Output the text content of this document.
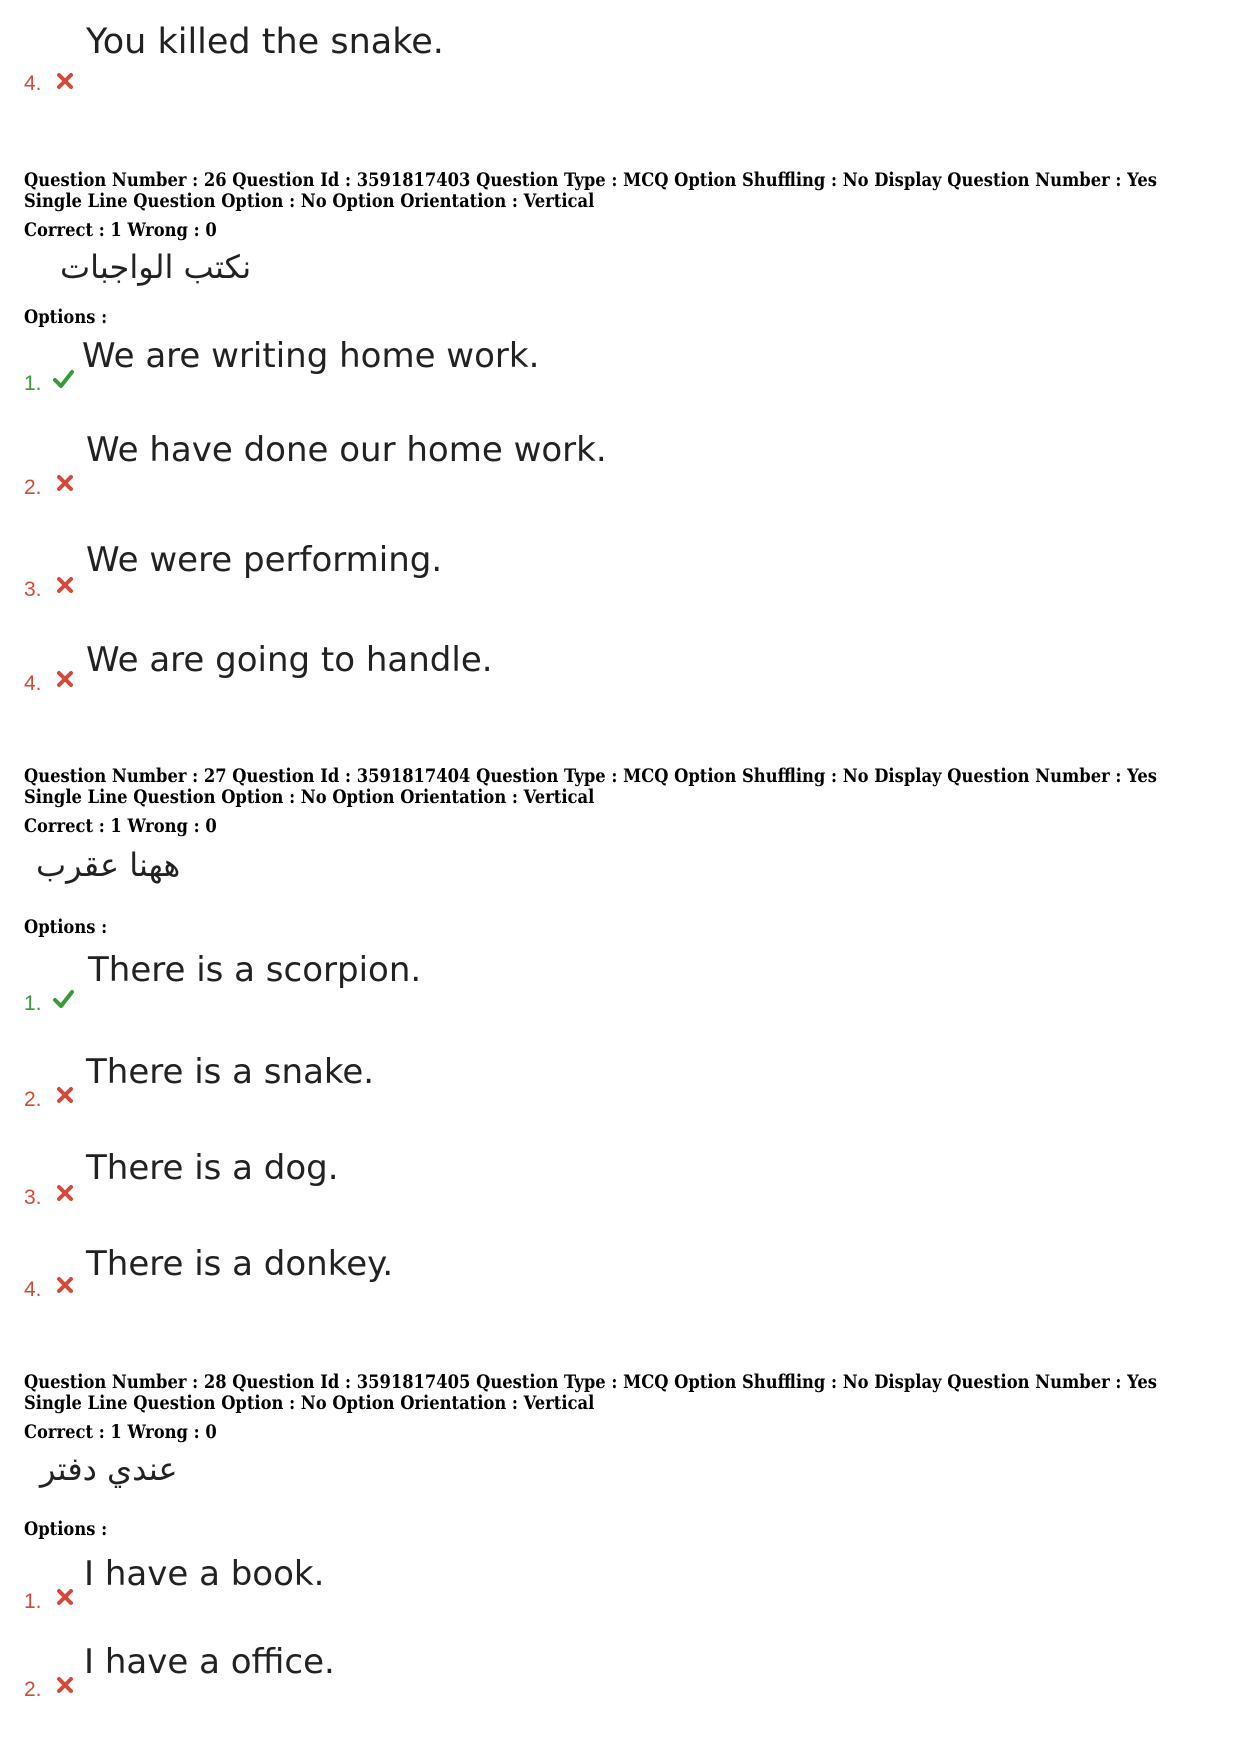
You killed the snake.
4.
Question Number : 26 Question Id : 3591817403 Question Type : MCQ Option Shuffling : No Display Question Number : Yes
Single Line Question Option : No Option Orientation : Vertical
Correct : 1 Wrong : 0
نكتب الواجبات
Options :
We are writing home work.
1.
We have done our home work.
2.
We were performing.
3.
We are going to handle.
4.
Question Number : 27 Question Id : 3591817404 Question Type : MCQ Option Shuffling : No Display Question Number : Yes
Single Line Question Option : No Option Orientation : Vertical
Correct : 1 Wrong : 0
ههنا عقرب
Options :
There is a scorpion.
1.
There is a snake.
2.
There is a dog.
3.
There is a donkey.
4.
Question Number : 28 Question Id : 3591817405 Question Type : MCQ Option Shuffling : No Display Question Number : Yes
Single Line Question Option : No Option Orientation : Vertical
Correct : 1 Wrong : 0
عندي دفتر
Options :
I have a book.
1.
I have a office.
2.
